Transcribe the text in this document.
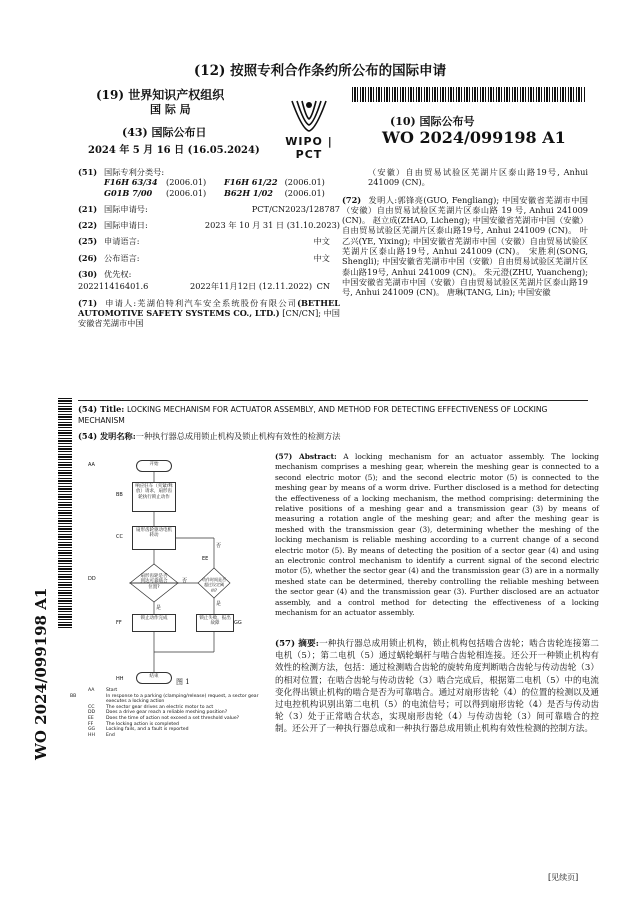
(12) 按照专利合作条约所公布的国际申请
(19) 世界知识产权组织
国 际 局
(43) 国际公布日
2024 年 5 月 16 日 (16.05.2024)
WIPO | PCT
(10) 国际公布号
WO 2024/099198 A1
(51) 国际专利分类号:
F16H 63/34(2006.01) F16H 61/22 (2006.01)
G01B 7/00(2006.01) B62H 1/02 (2006.01)
(21) 国际申请号:	PCT/CN2023/128787
(22) 国际申请日:	2023 年 10 月 31 日 (31.10.2023)
(25) 申请语言:	中文
(26) 公布语言:	中文
(30) 优先权:
202211416401.6	2022年11月12日 (12.11.2022) CN
(71) 申请人:芜湖伯特利汽车安全系统股份有限公司(BETHEL AUTOMOTIVE SAFETY SYSTEMS CO., LTD.) [CN/CN]; 中国安徽省芜湖市中国
（安徽）自由贸易试验区芜湖片区泰山路19号, Anhui 241009 (CN)。
(72) 发明人:郭锋亮(GUO, Fengliang); 中国安徽省芜湖市中国（安徽）自由贸易试验区芜湖片区泰山路 19 号, Anhui 241009 (CN)。 赵立成(ZHAO, Licheng); 中国安徽省芜湖市中国（安徽）自由贸易试验区芜湖片区泰山路19号, Anhui 241009 (CN)。 叶乙兴(YE, Yixing); 中国安徽省芜湖市中国（安徽）自由贸易试验区芜湖片区泰山路19号, Anhui 241009 (CN)。 宋胜利(SONG, Shengli); 中国安徽省芜湖市中国（安徽）自由贸易试验区芜湖片区泰山路19号, Anhui 241009 (CN)。 朱元澄(ZHU, Yuancheng); 中国安徽省芜湖市中国（安徽）自由贸易试验区芜湖片区泰山路19号, Anhui 241009 (CN)。 唐琳(TANG, Lin); 中国安徽
WO 2024/099198 A1
(54) Title: LOCKING MECHANISM FOR ACTUATOR ASSEMBLY, AND METHOD FOR DETECTING EFFECTIVENESS OF LOCKING MECHANISM
(54) 发明名称:一种执行器总成用锁止机构及锁止机构有效性的检测方法
开始
响应驻车（夹紧/释放）请求，扇形齿轮执行锁止动作
扇形齿轮驱动电机转动
扇形齿轮是否到达可靠啮合位置?
动作时间是否超过设定阈值?
锁止动作完成	锁止失败，报出故障
结束
AA
BB
CC
DD
EE
FF	GG
HH
是
否
是
否
图 1
AA	Start
BB	In response to a parking (clamping/release) request, a sector gear executes a locking action
CC	The sector gear drives an electric motor to act
DD Does a drive gear reach a reliable meshing position?
EE	Does the time of action not exceed a set threshold value?
FF	The locking action is completed
GG Locking fails, and a fault is reported
HH End
(57) Abstract: A locking mechanism for an actuator assembly. The locking mechanism comprises a meshing gear, wherein the meshing gear is connected to a second electric motor (5); and the second electric motor (5) is connected to the meshing gear by means of a worm drive. Further disclosed is a method for detecting the effectiveness of a locking mechanism, the method comprising: determining the relative positions of a meshing gear and a transmission gear (3) by means of measuring a rotation angle of the meshing gear; and after the meshing gear is meshed with the transmission gear (3), determining whether the meshing of the locking mechanism is reliable meshing according to a current change of a second electric motor (5). By means of detecting the position of a sector gear (4) and using an electronic control mechanism to identify a current signal of the second electric motor (5), whether the sector gear (4) and the transmission gear (3) are in a normally meshed state can be determined, thereby controlling the reliable meshing between the sector gear (4) and the transmission gear (3). Further disclosed are an actuator assembly, and a control method for detecting the effectiveness of a locking mechanism for an actuator assembly.
(57) 摘要:一种执行器总成用锁止机构，锁止机构包括啮合齿轮；啮合齿轮连接第二电机（5）；第二电机（5）通过蜗轮蜗杆与啮合齿轮相连接。还公开一种锁止机构有效性的检测方法，包括：通过检测啮合齿轮的旋转角度判断啮合齿轮与传动齿轮（3）的相对位置；在啮合齿轮与传动齿轮（3）啮合完成后，根据第二电机（5）中的电流变化得出锁止机构的啮合是否为可靠啮合。通过对扇形齿轮（4）的位置的检测以及通过电控机构识别出第二电机（5）的电流信号；可以得到扇形齿轮（4）是否与传动齿轮（3）处于正常啮合状态，实现扇形齿轮（4）与传动齿轮（3）间可靠啮合的控制。还公开了一种执行器总成和一种执行器总成用锁止机构有效性检测的控制方法。
[见续页]
